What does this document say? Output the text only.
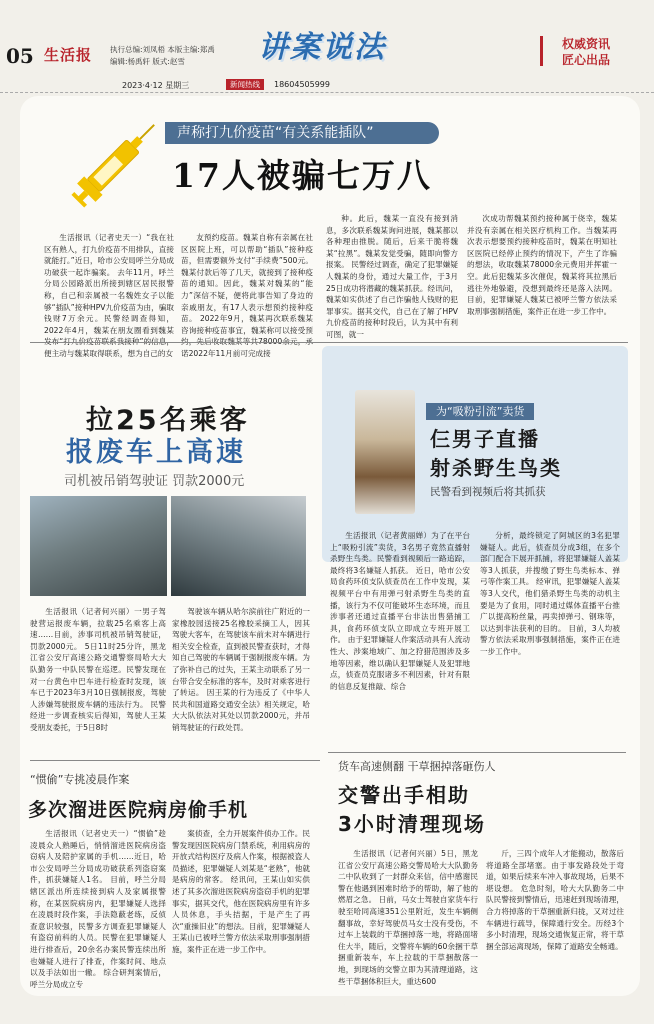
05 生活报 执行总编:刘凤梧 本版主编:郑禹
编辑:杨禹轩 版式:赵雪	讲案说法	权威资讯
匠心出品
2023·4·12 星期三	新闻热线	18604505999
声称打九价疫苗“有关系能插队”
17人被骗七万八

生活报讯（记者史天一）“我在社区有熟人，打九价疫苗不用排队，直接就能打。”近日，哈市公安局呼兰分局成功破获一起诈骗案。 去年11月，呼兰分局公园路派出所接到辖区居民报警称，自己和亲属被一名魏姓女子以能够“插队”接种HPV九价疫苗为由，骗取钱财7万余元。民警经调查得知，2022年4月，魏某在朋友圈看到魏某发布“打九价疫苗联系我接种”的信息，便主动与魏某取得联系，想为自己的女

友预约疫苗。魏某自称有亲属在社区医院上班，可以帮助“插队”接种疫苗，但需要额外支付“手续费”500元。魏某付款后等了几天，就接到了接种疫苗的通知。因此，魏某对魏某的“能力”深信不疑，便将此事告知了身边的亲戚朋友，有17人表示想预约接种疫苗。 2022年9月，魏某再次联系魏某咨询接种疫苗事宜，魏某称可以接受预约，先后收取魏某等共78000余元，承诺2022年11月前可完成接

种。此后，魏某一直没有接到消息，多次联系魏某询问进展，魏某都以各种理由推脱。随后，后来干脆将魏某“拉黑”。魏某发觉受骗，随即向警方报案。 民警经过调查，确定了犯罪嫌疑人魏某的身份，通过大量工作，于3月25日成功将潜藏的魏某抓获。经讯问，魏某如实供述了自己诈骗他人钱财的犯罪事实。据其交代，自己在了解了HPV九价疫苗的接种时段后，认为其中有利可图，就一

次成功帮魏某预约接种属于侥幸，魏某并没有亲属在相关医疗机构工作。当魏某再次表示想要预约接种疫苗时，魏某在明知社区医院已经停止预约的情况下，产生了诈骗的想法，收取魏某78000余元费用并挥霍一空。此后犯魏某多次催促，魏某将其拉黑后逃往外地躲避，没想到最终还是落入法网。 目前，犯罪嫌疑人魏某已被呼兰警方依法采取刑事强制措施，案件正在进一步工作中。

拉25名乘客
报废车上高速
司机被吊销驾驶证 罚款2000元

生活报讯（记者何兴丽）一男子驾驶营运报废车辆，拉载25名乘客上高速……目前，涉事司机被吊销驾驶证，罚款2000元。 5日11时25分许，黑龙江省公安厅高速公路交通警察局哈大大队勤务一中队民警在巡逻。民警发现在对一台黄色中巴车进行检查时发现，该车已于2023年3月10日强制报废，驾驶人涉嫌驾驶报废车辆的违法行为。 民警经进一步调查核实后得知，驾驶人王某受朋友委托，于5日8时

驾驶该车辆从哈尔滨前往广附近的一家橡胶园送接25名橡胶采摘工人，因其驾驶大客车，在驾驶该车前未对车辆进行相关安全检查，直到被民警查获时，才得知自己驾驶的车辆属于强制报废车辆。为了弥补自己的过失，王某主动联系了另一台带合安全标准的客车，及时对乘客进行了转运。 因王某的行为违反了《中华人民共和国道路交通安全法》相关规定，哈大大队依法对其处以罚款2000元，并吊销驾驶证的行政处罚。

为“吸粉引流”卖货
仨男子直播
射杀野生鸟类
民警看到视频后将其抓获

生活报讯（记者黄丽婵）为了在平台上“吸粉引流”卖货，3名男子竟然直播射杀野生鸟类。民警看到视频后一路追踪，最终将3名嫌疑人抓获。 近日，哈市公安局食药环侦支队侦查员在工作中发现，某视频平台中有用弹弓射杀野生鸟类的直播，该行为不仅可能破坏生态环境，而且涉事者还通过直播平台非法出售猎捕工具，食药环侦支队立即成立专班开展工作。 由于犯罪嫌疑人作案活动具有人流动性大、涉案地域广、加之狩猎范围涉及多地等因素，维以确认犯罪嫌疑人及犯罪地点，侦查员克服诸多不利因素，针对有限的信息反复推敲、综合

分析，最终锁定了阿城区的3名犯罪嫌疑人。此后，侦查员分成3组，在多个部门配合下展开抓捕，将犯罪嫌疑人盖某等3人抓获，并搜缴了野生鸟类标本、弹弓等作案工具。 经审讯，犯罪嫌疑人盖某等3人交代，他们猎杀野生鸟类的动机主要是为了食用，同时通过媒体直播平台推广以提高粉丝量，再卖掉弹弓、钢珠等，以达到非法获利的目的。 目前，3人均被警方依法采取刑事强制措施，案件正在进一步工作中。

“惯偷”专挑凌晨作案
多次溜进医院病房偷手机

生活报讯（记者史天一）“惯偷”趁凌晨众人熟睡后，悄悄溜进医院病房盗窃病人及陪护家属的手机……近日，哈市公安局呼兰分局成功破获系列盗窃案件，抓获嫌疑人1名。 目前，呼兰分局辖区派出所连续接到病人及家属报警称，在某医院病房内，犯罪嫌疑人选择在凌晨时段作案，手法隐蔽老练，反侦查意识较强，民警多方调查犯罪嫌疑人有盗窃前科的人员。民警在犯罪嫌疑人进行排查后，20余名办案民警连续出所也嫌疑人进行了排查，作案时间、地点以及手法如出一辙。 综合研判案情后，呼兰分局成立专

案侦查，全力开展案件侦办工作。民警发现因医院病房门禁系统，利用病房的开放式结构医疗及病人作案，根据被盗人员描述，犯罪嫌疑人刘某是“老熟”，他就是病房的常客。 经讯问，王某山如实供述了其多次溜进医院病房盗窃手机的犯罪事实，据其交代，他在医院病房里有许多人员休息，手头拮据，于是产生了再次“重操旧业”的想法。目前，犯罪嫌疑人王某山已被呼兰警方依法采取刑事强制措施，案件正在进一步工作中。

货车高速侧翻 干草捆掉落砸伤人
交警出手相助
3小时清理现场

生活报讯（记者何兴丽）5日，黑龙江省公安厅高速公路交警局哈大大队勤务二中队收到了一封群众来信，信中感谢民警在他遇到困难时给予的帮助，解了他的燃眉之急。 日前，马女士驾驶自家货车行驶至哈同高速351公里附近，发生车辆侧翻事故，幸好驾驶员马女士没有受伤，不过车上装载的干草捆掉落一地，将路面堵住大半，随后，交警将车辆的60余捆干草捆重新装车，车上拉载的干草捆散落一地，到现场的交警立即为其清理道路，这些干草捆体积巨大，重达600

斤，三四个成年人才能搬动，散落后将道路全部堵塞。由于事发路段处于弯道，如果后续来车冲入事故现场，后果不堪设想。 危急时刻，哈大大队勤务二中队民警接到警情后，迅速赶到现场清理，合力将掉落的干草捆重新归拢，又对过往车辆进行疏导，保障通行安全。历经3个多小时清理，现场交通恢复正常，将干草捆全部运离现场，保障了道路安全畅通。
